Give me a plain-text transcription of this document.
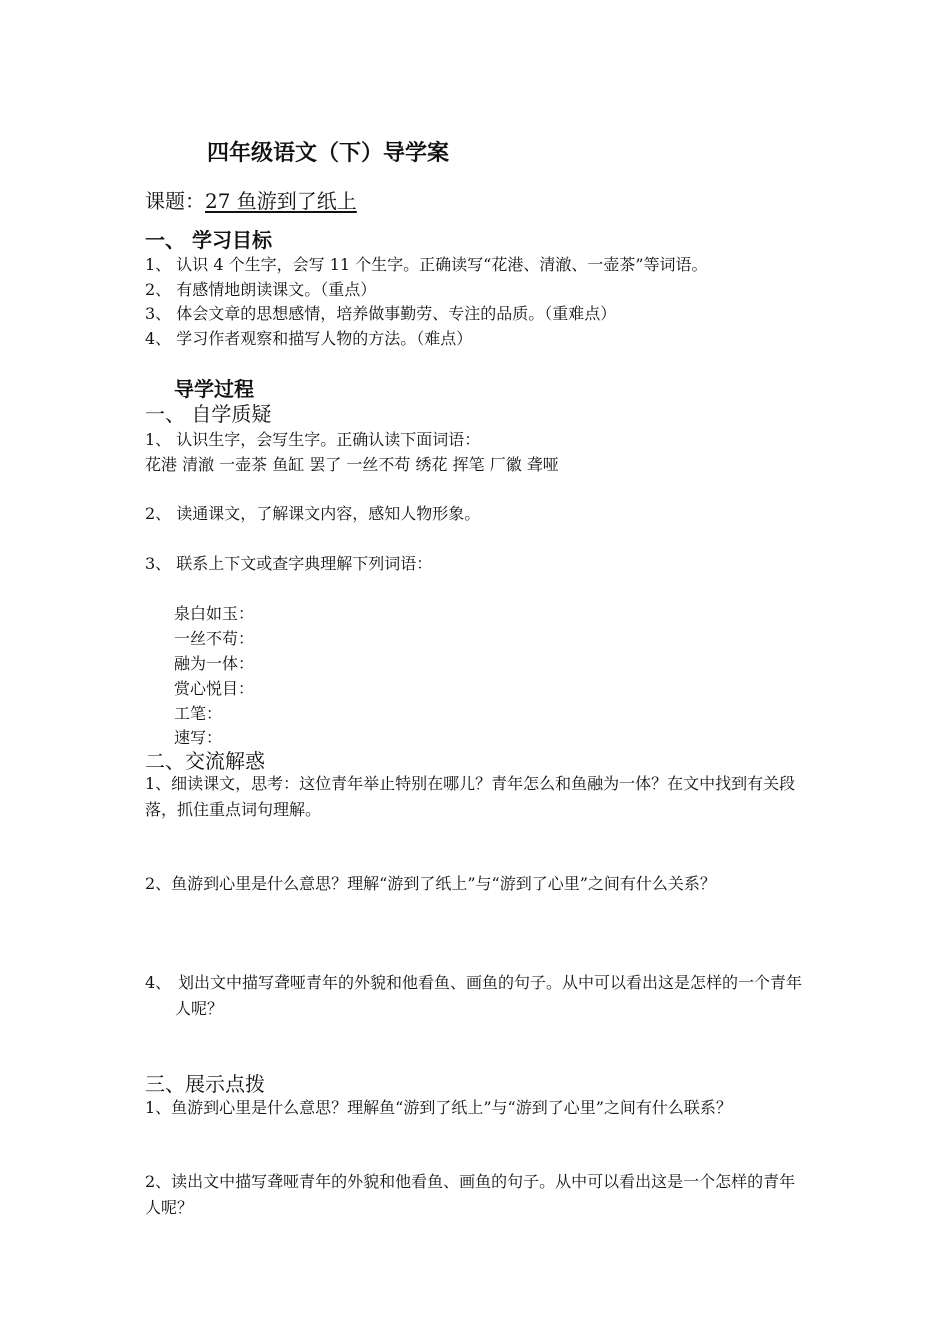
四年级语文（下）导学案
课题：27 鱼游到了纸上
一、 学习目标
1、 认识 4 个生字，会写 11 个生字。正确读写“花港、清澈、一壶茶”等词语。
2、 有感情地朗读课文。（重点）
3、 体会文章的思想感情，培养做事勤劳、专注的品质。（重难点）
4、 学习作者观察和描写人物的方法。（难点）
导学过程
一、 自学质疑
1、 认识生字，会写生字。正确认读下面词语：
花港 清澈 一壶茶 鱼缸 罢了 一丝不苟 绣花 挥笔 厂徽 聋哑
2、 读通课文，了解课文内容，感知人物形象。
3、 联系上下文或查字典理解下列词语：
泉白如玉：
一丝不苟：
融为一体：
赏心悦目：
工笔：
速写：
二、交流解惑
1、细读课文，思考：这位青年举止特别在哪儿？青年怎么和鱼融为一体？在文中找到有关段落，抓住重点词句理解。
2、鱼游到心里是什么意思？理解“游到了纸上”与“游到了心里”之间有什么关系？
4、 划出文中描写聋哑青年的外貌和他看鱼、画鱼的句子。从中可以看出这是怎样的一个青年人呢？
三、展示点拨
1、鱼游到心里是什么意思？理解鱼“游到了纸上”与“游到了心里”之间有什么联系？
2、读出文中描写聋哑青年的外貌和他看鱼、画鱼的句子。从中可以看出这是一个怎样的青年人呢？
